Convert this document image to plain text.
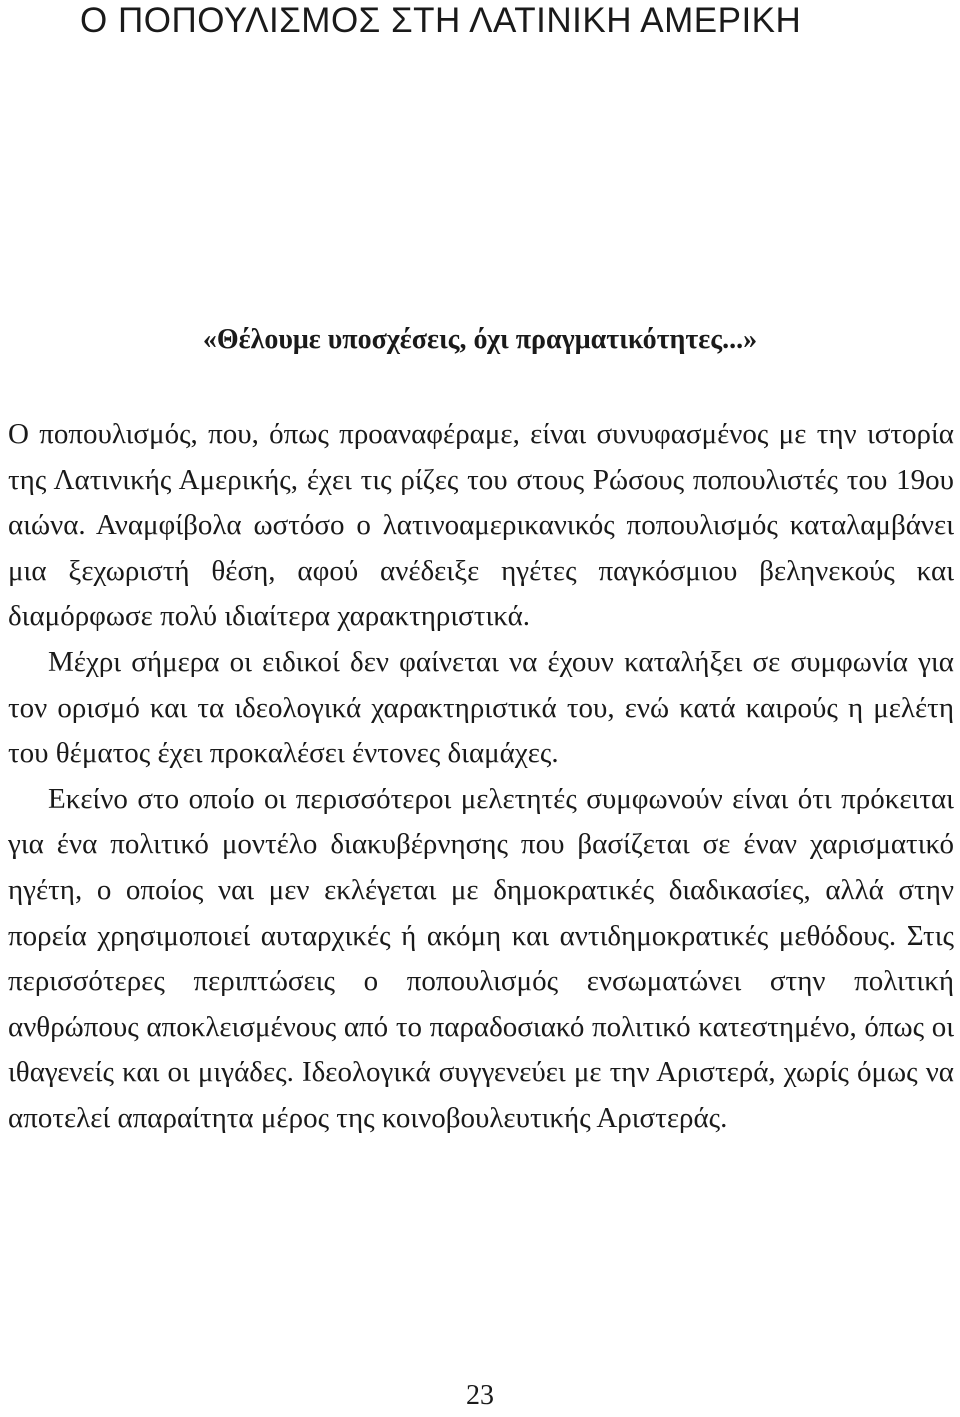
Ο ΠΟΠΟΥΛΙΣΜΟΣ ΣΤΗ ΛΑΤΙΝΙΚΗ ΑΜΕΡΙΚΗ

«Θέλουμε υποσχέσεις, όχι πραγματικότητες...»

Ο ποπουλισμός, που, όπως προαναφέραμε, είναι συνυφασμένος με την ιστορία της Λατινικής Αμερικής, έχει τις ρίζες του στους Ρώσους ποπουλιστές του 19ου αιώνα. Αναμφίβολα ωστόσο ο λατινοαμερικανικός ποπουλισμός καταλαμβάνει μια ξεχωριστή θέση, αφού ανέδειξε ηγέτες παγκόσμιου βεληνεκούς και διαμόρφωσε πολύ ιδιαίτερα χαρακτηριστικά.

Μέχρι σήμερα οι ειδικοί δεν φαίνεται να έχουν καταλήξει σε συμφωνία για τον ορισμό και τα ιδεολογικά χαρακτηριστικά του, ενώ κατά καιρούς η μελέτη του θέματος έχει προκαλέσει έντονες διαμάχες.

Εκείνο στο οποίο οι περισσότεροι μελετητές συμφωνούν είναι ότι πρόκειται για ένα πολιτικό μοντέλο διακυβέρνησης που βασίζεται σε έναν χαρισματικό ηγέτη, ο οποίος ναι μεν εκλέγεται με δημοκρατικές διαδικασίες, αλλά στην πορεία χρησιμοποιεί αυταρχικές ή ακόμη και αντιδημοκρατικές μεθόδους. Στις περισσότερες περιπτώσεις ο ποπουλισμός ενσωματώνει στην πολιτική ανθρώπους αποκλεισμένους από το παραδοσιακό πολιτικό κατεστημένο, όπως οι ιθαγενείς και οι μιγάδες. Ιδεολογικά συγγενεύει με την Αριστερά, χωρίς όμως να αποτελεί απαραίτητα μέρος της κοινοβουλευτικής Αριστεράς.

23
